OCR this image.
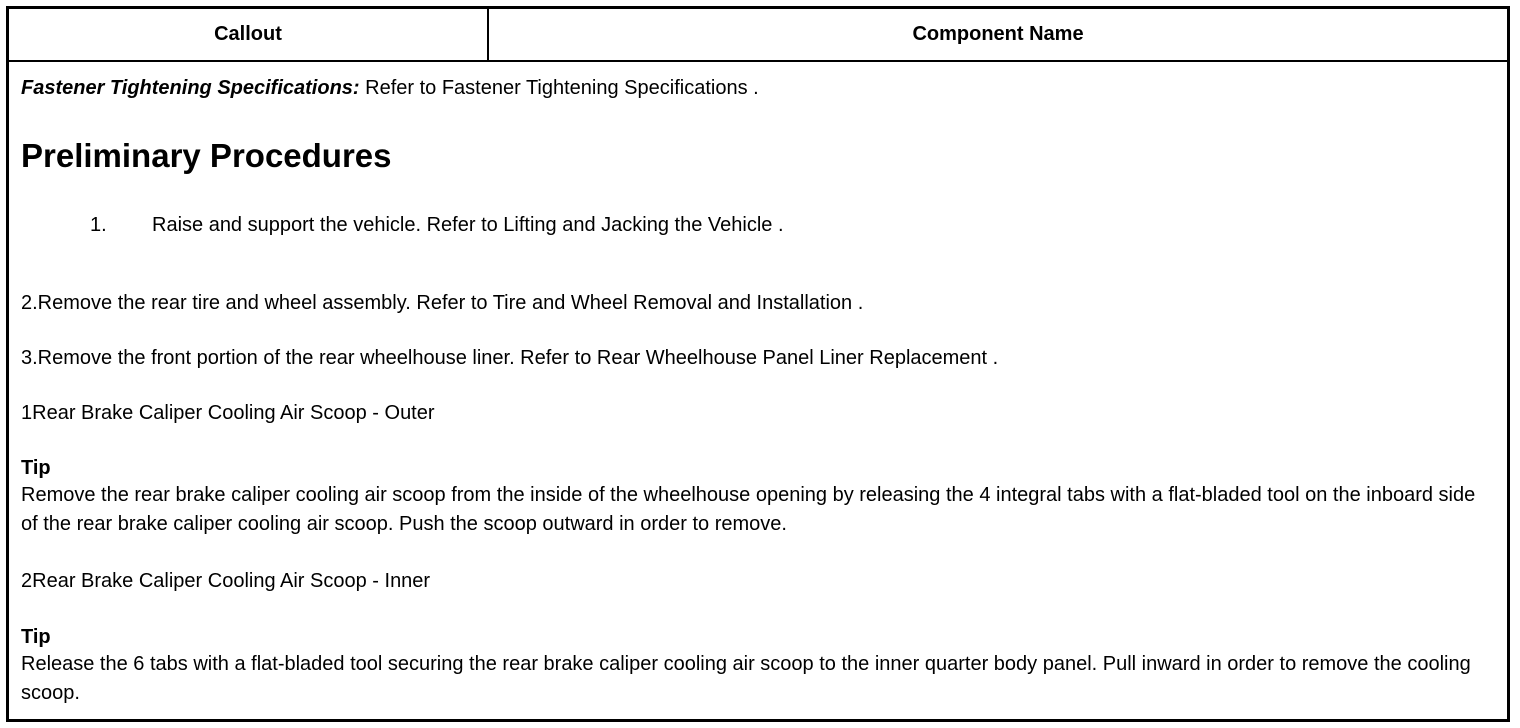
Callout	Component Name
Fastener Tightening Specifications: Refer to Fastener Tightening Specifications .
Preliminary Procedures
1. Raise and support the vehicle. Refer to Lifting and Jacking the Vehicle .
2.Remove the rear tire and wheel assembly. Refer to Tire and Wheel Removal and Installation .
3.Remove the front portion of the rear wheelhouse liner. Refer to Rear Wheelhouse Panel Liner Replacement .
1Rear Brake Caliper Cooling Air Scoop - Outer
Tip
Remove the rear brake caliper cooling air scoop from the inside of the wheelhouse opening by releasing the 4 integral tabs with a flat-bladed tool on the inboard side of the rear brake caliper cooling air scoop. Push the scoop outward in order to remove.
2Rear Brake Caliper Cooling Air Scoop - Inner
Tip
Release the 6 tabs with a flat-bladed tool securing the rear brake caliper cooling air scoop to the inner quarter body panel. Pull inward in order to remove the cooling scoop.
